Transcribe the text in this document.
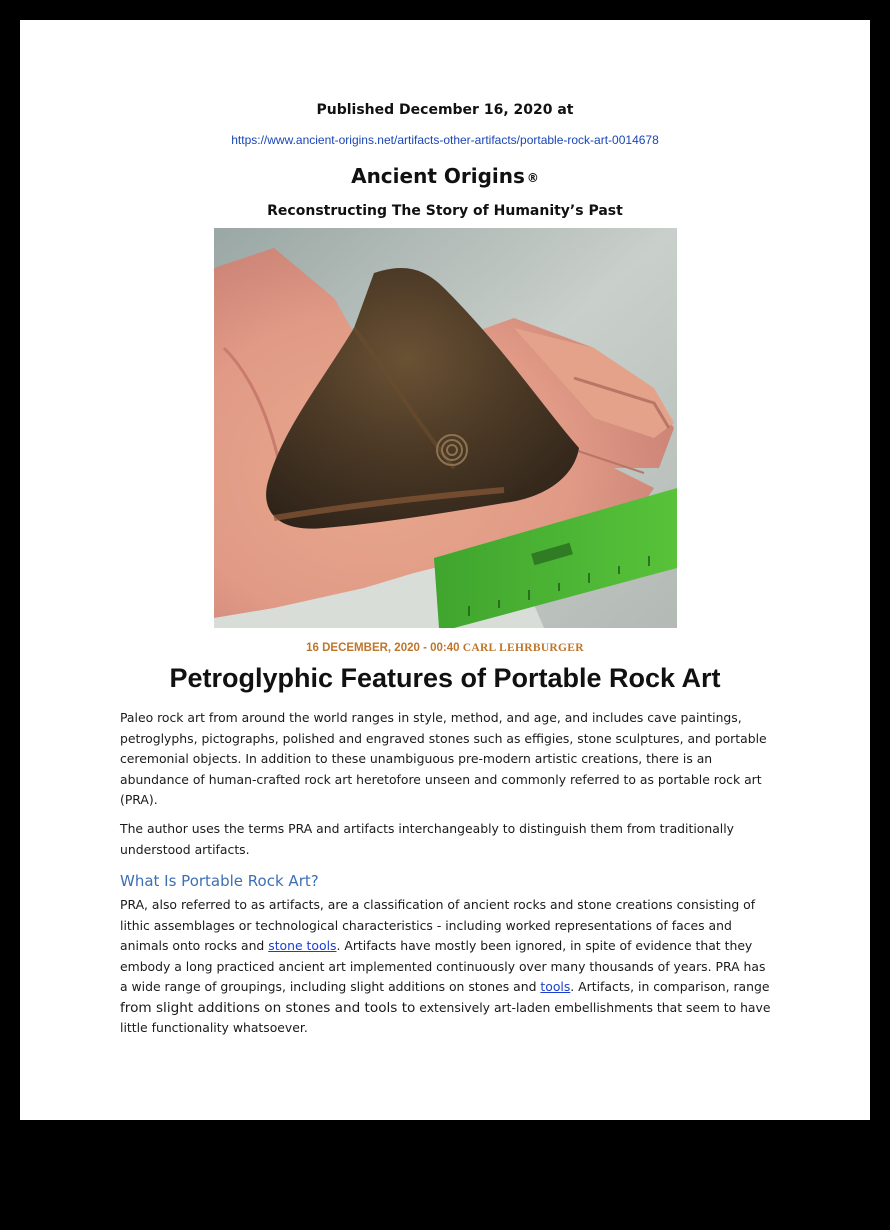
Published December 16, 2020 at
https://www.ancient-origins.net/artifacts-other-artifacts/portable-rock-art-0014678
Ancient Origins ®
Reconstructing The Story of Humanity’s Past
16 DECEMBER, 2020 - 00:40 CARL LEHRBURGER
Petroglyphic Features of Portable Rock Art

Paleo rock art from around the world ranges in style, method, and age, and includes cave paintings, petroglyphs, pictographs, polished and engraved stones such as effigies, stone sculptures, and portable ceremonial objects. In addition to these unambiguous pre-modern artistic creations, there is an abundance of human-crafted rock art heretofore unseen and commonly referred to as portable rock art (PRA).

The author uses the terms PRA and artifacts interchangeably to distinguish them from traditionally understood artifacts.

What Is Portable Rock Art?

PRA, also referred to as artifacts, are a classification of ancient rocks and stone creations consisting of lithic assemblages or technological characteristics - including worked representations of faces and animals onto rocks and stone tools. Artifacts have mostly been ignored, in spite of evidence that they embody a long practiced ancient art implemented continuously over many thousands of years. PRA has a wide range of groupings, including slight additions on stones and tools. Artifacts, in comparison, range from slight additions on stones and tools to extensively art-laden embellishments that seem to have little functionality whatsoever.
